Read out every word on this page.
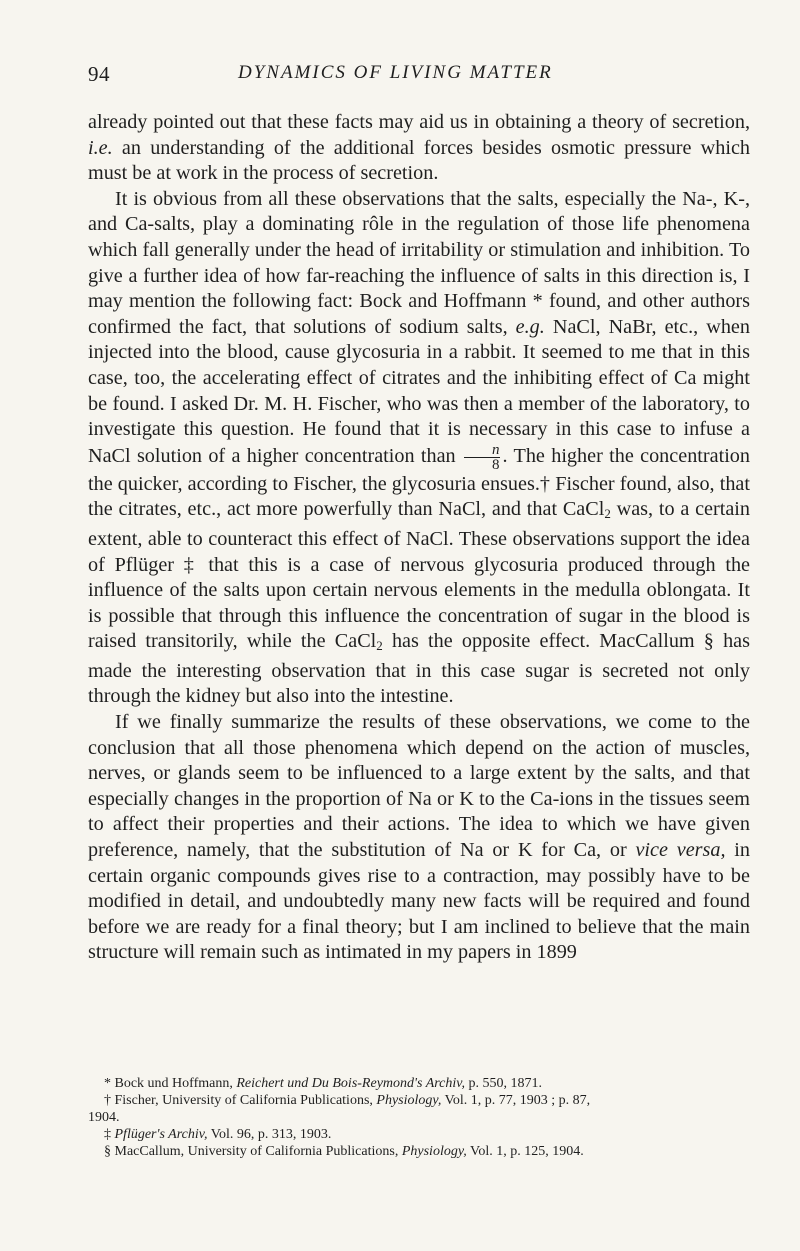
94	DYNAMICS OF LIVING MATTER

already pointed out that these facts may aid us in obtaining a theory of secretion, i.e. an understanding of the additional forces besides osmotic pressure which must be at work in the process of secretion.

It is obvious from all these observations that the salts, especially the Na-, K-, and Ca-salts, play a dominating rôle in the regulation of those life phenomena which fall generally under the head of irritability or stimulation and inhibition. To give a further idea of how far-reaching the influence of salts in this direction is, I may mention the following fact: Bock and Hoffmann * found, and other authors confirmed the fact, that solutions of sodium salts, e.g. NaCl, NaBr, etc., when injected into the blood, cause glycosuria in a rabbit. It seemed to me that in this case, too, the accelerating effect of citrates and the inhibiting effect of Ca might be found. I asked Dr. M. H. Fischer, who was then a member of the laboratory, to investigate this question. He found that it is necessary in this case to infuse a NaCl solution of a higher concentration than $\frac{n}{8}$ . The higher the concentration the quicker, according to Fischer, the glycosuria ensues.† Fischer found, also, that the citrates, etc., act more powerfully than NaCl, and that CaCl$_2$ was, to a certain extent, able to counteract this effect of NaCl. These observations support the idea of Pflüger ‡ that this is a case of nervous glycosuria produced through the influence of the salts upon certain nervous elements in the medulla oblongata. It is possible that through this influence the concentration of sugar in the blood is raised transitorily, while the CaCl$_2$ has the opposite effect. MacCallum § has made the interesting observation that in this case sugar is secreted not only through the kidney but also into the intestine.

If we finally summarize the results of these observations, we come to the conclusion that all those phenomena which depend on the action of muscles, nerves, or glands seem to be influenced to a large extent by the salts, and that especially changes in the proportion of Na or K to the Ca-ions in the tissues seem to affect their properties and their actions. The idea to which we have given preference, namely, that the substitution of Na or K for Ca, or vice versa, in certain organic compounds gives rise to a contraction, may possibly have to be modified in detail, and undoubtedly many new facts will be required and found before we are ready for a final theory; but I am inclined to believe that the main structure will remain such as intimated in my papers in 1899

* Bock und Hoffmann, Reichert und Du Bois-Reymond's Archiv, p. 550, 1871.

† Fischer, University of California Publications, Physiology, Vol. 1, p. 77, 1903 ; p. 87,

1904.

‡ Pflüger's Archiv, Vol. 96, p. 313, 1903.

§ MacCallum, University of California Publications, Physiology, Vol. 1, p. 125, 1904.
